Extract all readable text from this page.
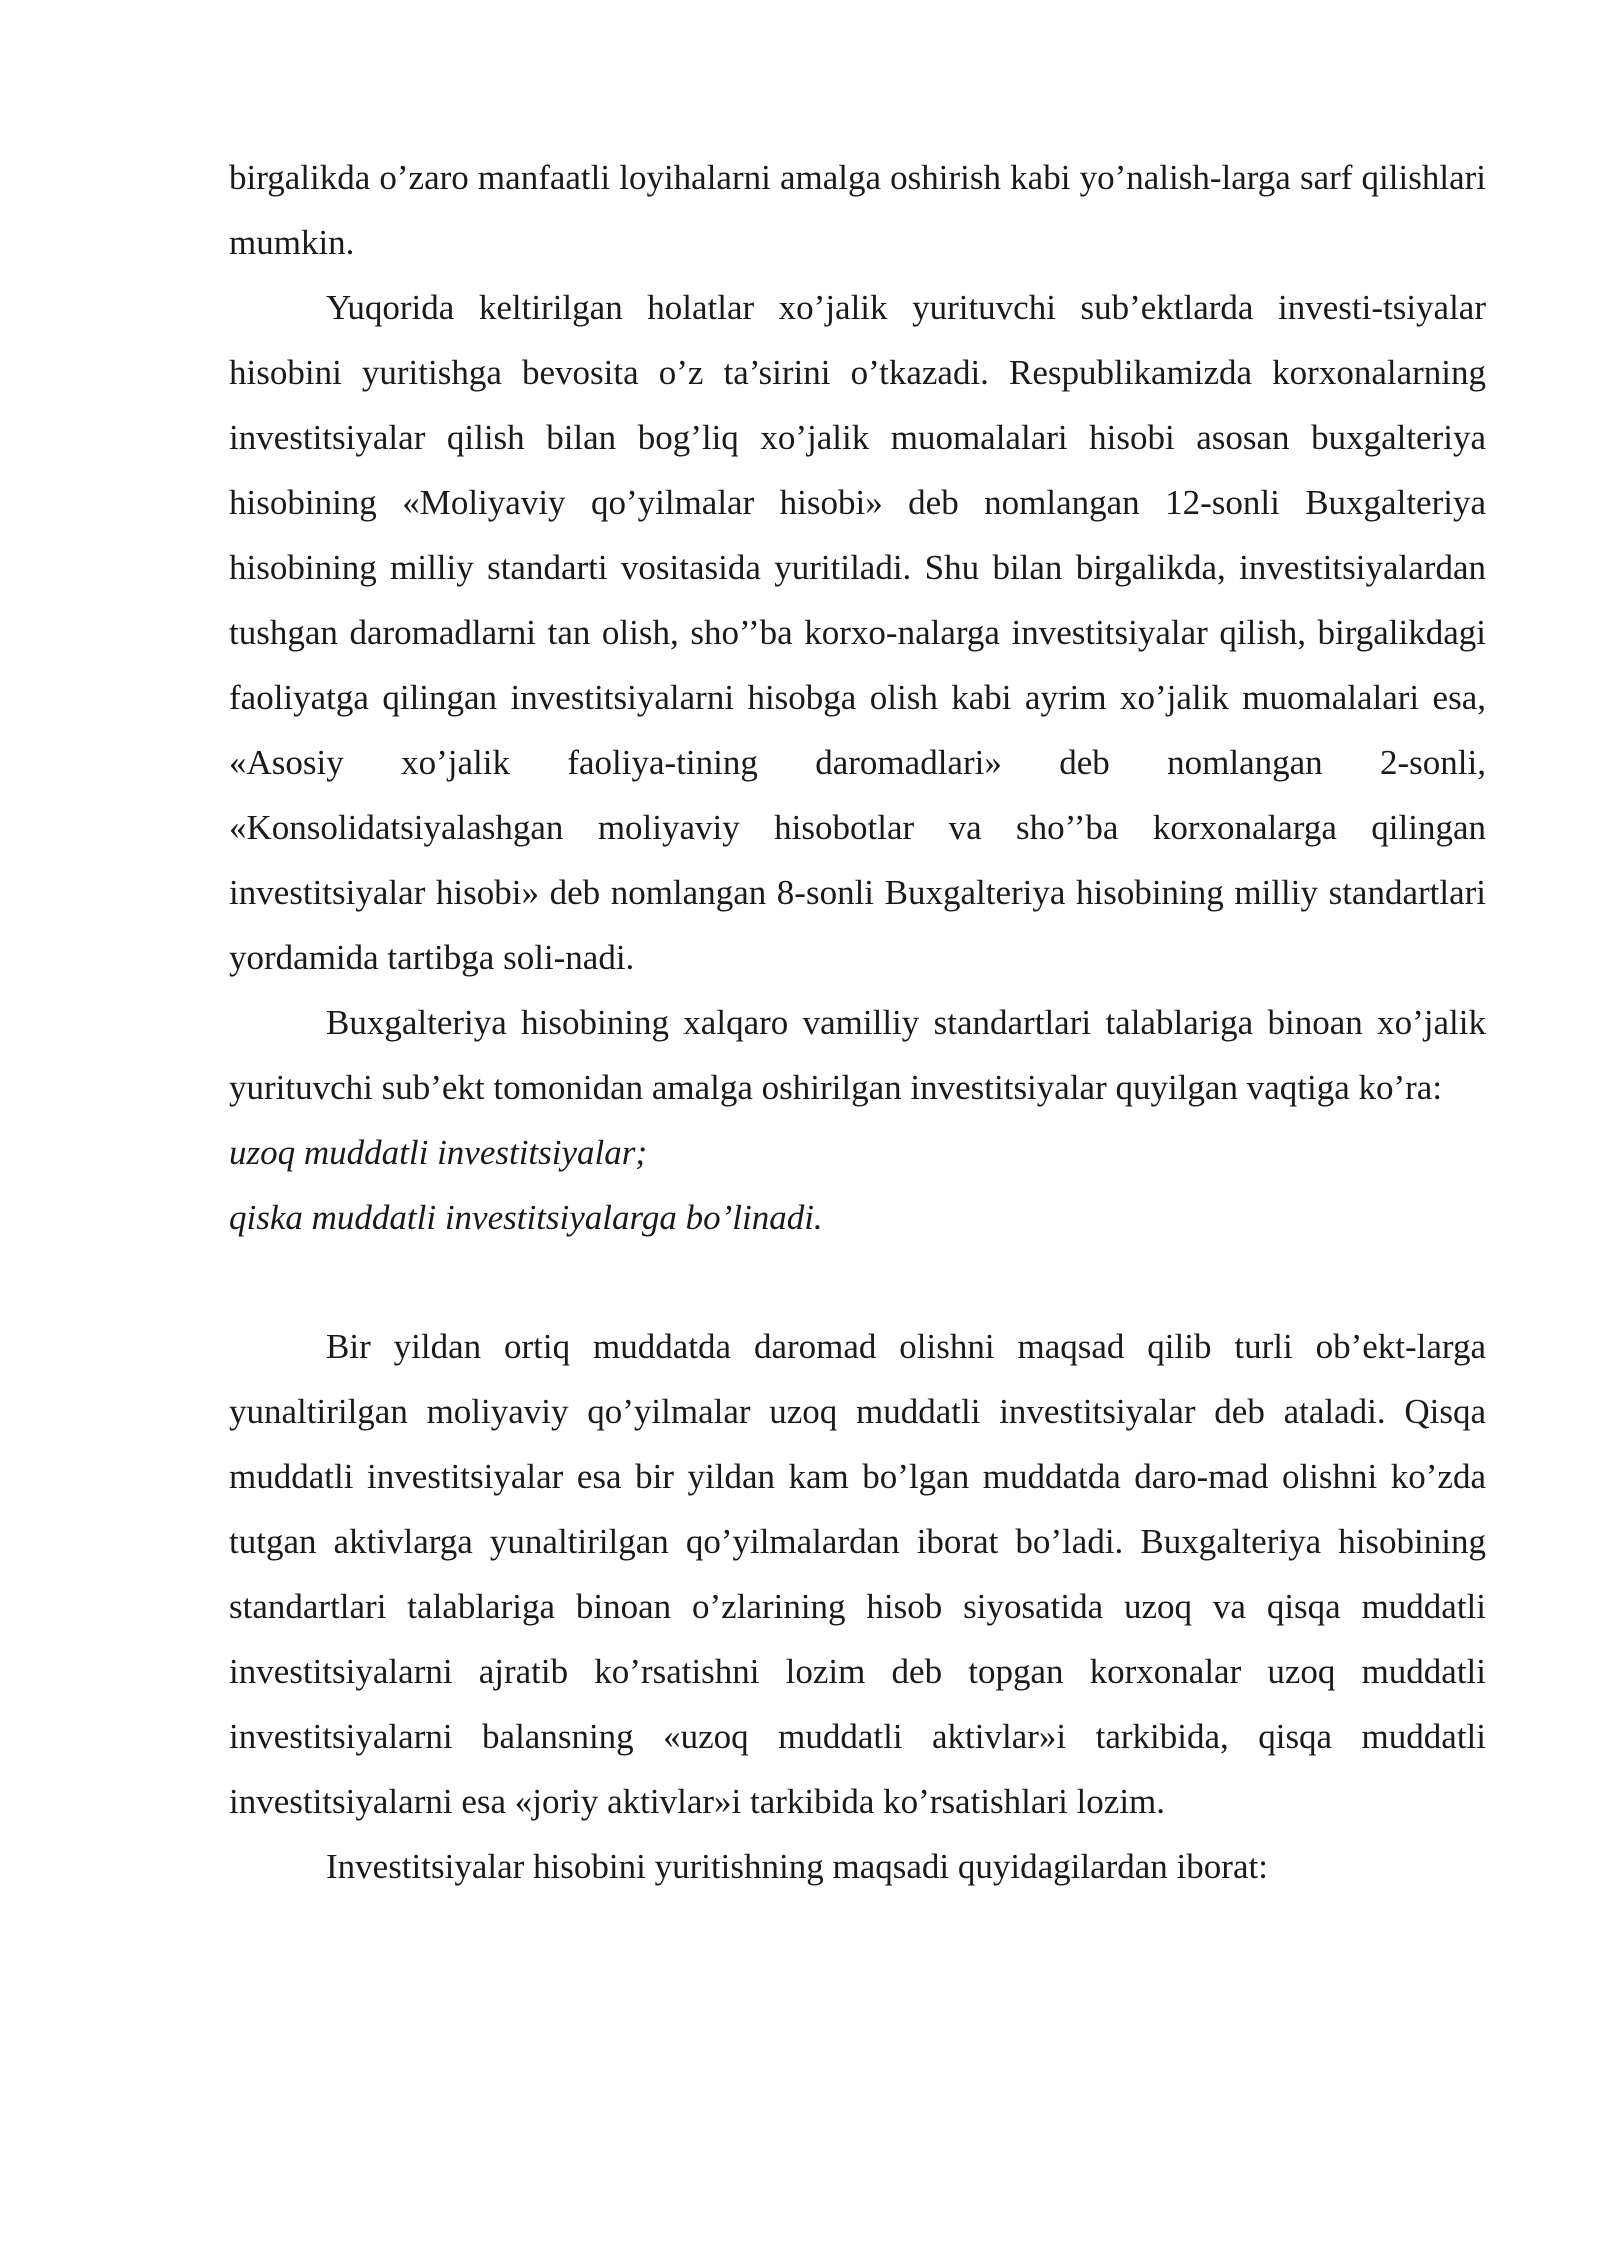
birgalikda o’zaro manfaatli loyihalarni amalga oshirish kabi yo’nalish-larga sarf qilishlari mumkin.

Yuqorida keltirilgan holatlar xo’jalik yurituvchi sub’ektlarda investi-tsiyalar hisobini yuritishga bevosita o’z ta’sirini o’tkazadi. Respublikamizda korxonalarning investitsiyalar qilish bilan bog’liq xo’jalik muomalalari hisobi asosan buxgalteriya hisobining «Moliyaviy qo’yilmalar hisobi» deb nomlangan 12-sonli Buxgalteriya hisobining milliy standarti vositasida yuritiladi. Shu bilan birgalikda, investitsiyalardan tushgan daromadlarni tan olish, sho’’ba korxo-nalarga investitsiyalar qilish, birgalikdagi faoliyatga qilingan investitsiyalarni hisobga olish kabi ayrim xo’jalik muomalalari esa, «Asosiy xo’jalik faoliya-tining daromadlari» deb nomlangan 2-sonli, «Konsolidatsiyalashgan moliyaviy hisobotlar va sho’’ba korxonalarga qilingan investitsiyalar hisobi» deb nomlangan 8-sonli Buxgalteriya hisobining milliy standartlari yordamida tartibga soli-nadi.

Buxgalteriya hisobining xalqaro vamilliy standartlari talablariga binoan xo’jalik yurituvchi sub’ekt tomonidan amalga oshirilgan investitsiyalar quyilgan vaqtiga ko’ra:

uzoq muddatli investitsiyalar;

qiska muddatli investitsiyalarga bo’linadi.

Bir yildan ortiq muddatda daromad olishni maqsad qilib turli ob’ekt-larga yunaltirilgan moliyaviy qo’yilmalar uzoq muddatli investitsiyalar deb ataladi. Qisqa muddatli investitsiyalar esa bir yildan kam bo’lgan muddatda daro-mad olishni ko’zda tutgan aktivlarga yunaltirilgan qo’yilmalardan iborat bo’ladi. Buxgalteriya hisobining standartlari talablariga binoan o’zlarining hisob siyosatida uzoq va qisqa muddatli investitsiyalarni ajratib ko’rsatishni lozim deb topgan korxonalar uzoq muddatli investitsiyalarni balansning «uzoq muddatli aktivlar»i tarkibida, qisqa muddatli investitsiyalarni esa «joriy aktivlar»i tarkibida ko’rsatishlari lozim.

Investitsiyalar hisobini yuritishning maqsadi quyidagilardan iborat:
